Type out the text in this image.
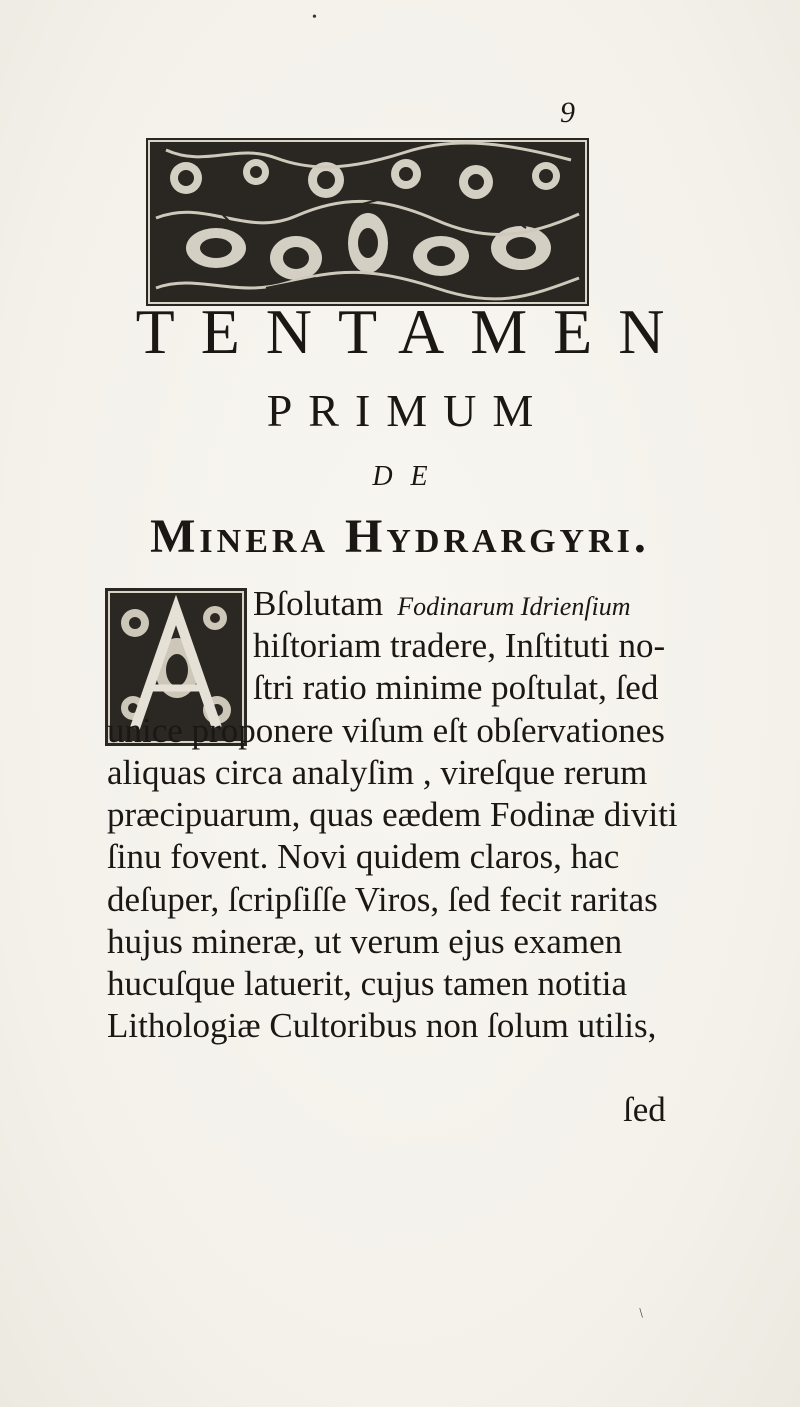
•
/
9
TENTAMEN
PRIMUM
DE
Minera Hydrargyri.

Bſolutam Fodinarum Idrienſium

hiſtoriam tradere, Inſtituti no-

ſtri ratio minime poſtulat, ſed

unice proponere viſum eſt obſervationes

aliquas circa analyſim , vireſque rerum

præcipuarum, quas eædem Fodinæ diviti

ſinu fovent. Novi quidem claros, hac

deſuper, ſcripſiſſe Viros, ſed fecit raritas

hujus mineræ, ut verum ejus examen

hucuſque latuerit, cujus tamen notitia

Lithologiæ Cultoribus non ſolum utilis,

ſed
